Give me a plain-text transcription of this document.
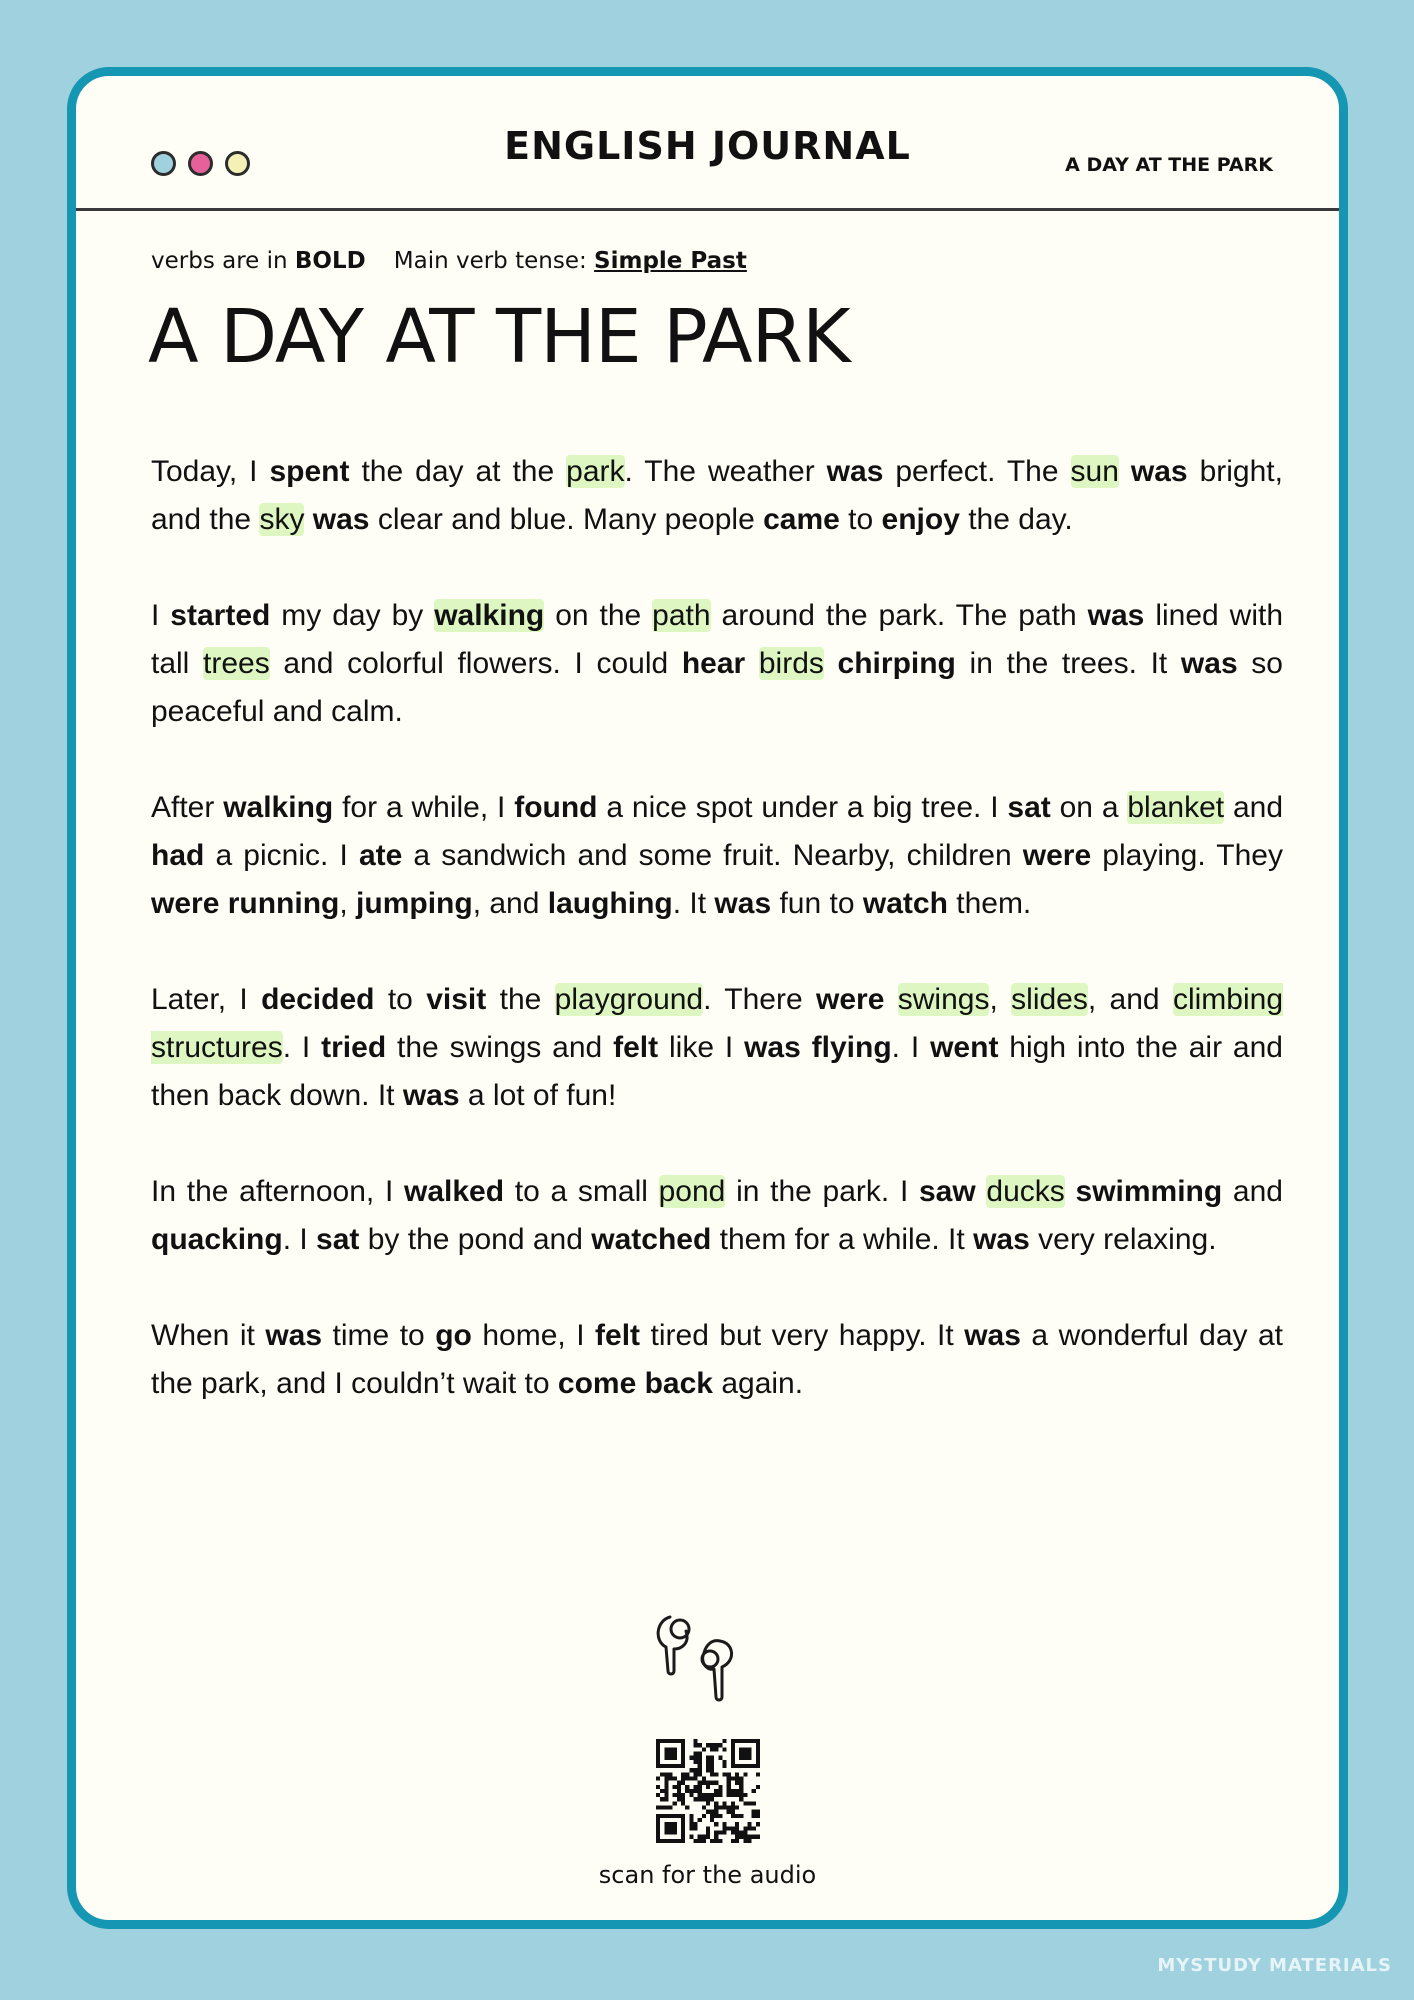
ENGLISH JOURNAL	A DAY AT THE PARK
verbs are in BOLD Main verb tense: Simple Past
A DAY AT THE PARK

Today, I spent the day at the park. The weather was perfect. The sun was bright, and the sky was clear and blue. Many people came to enjoy the day.

I started my day by walking on the path around the park. The path was lined with tall trees and colorful flowers. I could hear birds chirping in the trees. It was so peaceful and calm.

After walking for a while, I found a nice spot under a big tree. I sat on a blanket and had a picnic. I ate a sandwich and some fruit. Nearby, children were playing. They were running, jumping, and laughing. It was fun to watch them.

Later, I decided to visit the playground. There were swings, slides, and climbing structures. I tried the swings and felt like I was flying. I went high into the air and then back down. It was a lot of fun!

In the afternoon, I walked to a small pond in the park. I saw ducks swimming and quacking. I sat by the pond and watched them for a while. It was very relaxing.

When it was time to go home, I felt tired but very happy. It was a wonderful day at the park, and I couldn’t wait to come back again.

scan for the audio
MYSTUDY MATERIALS
